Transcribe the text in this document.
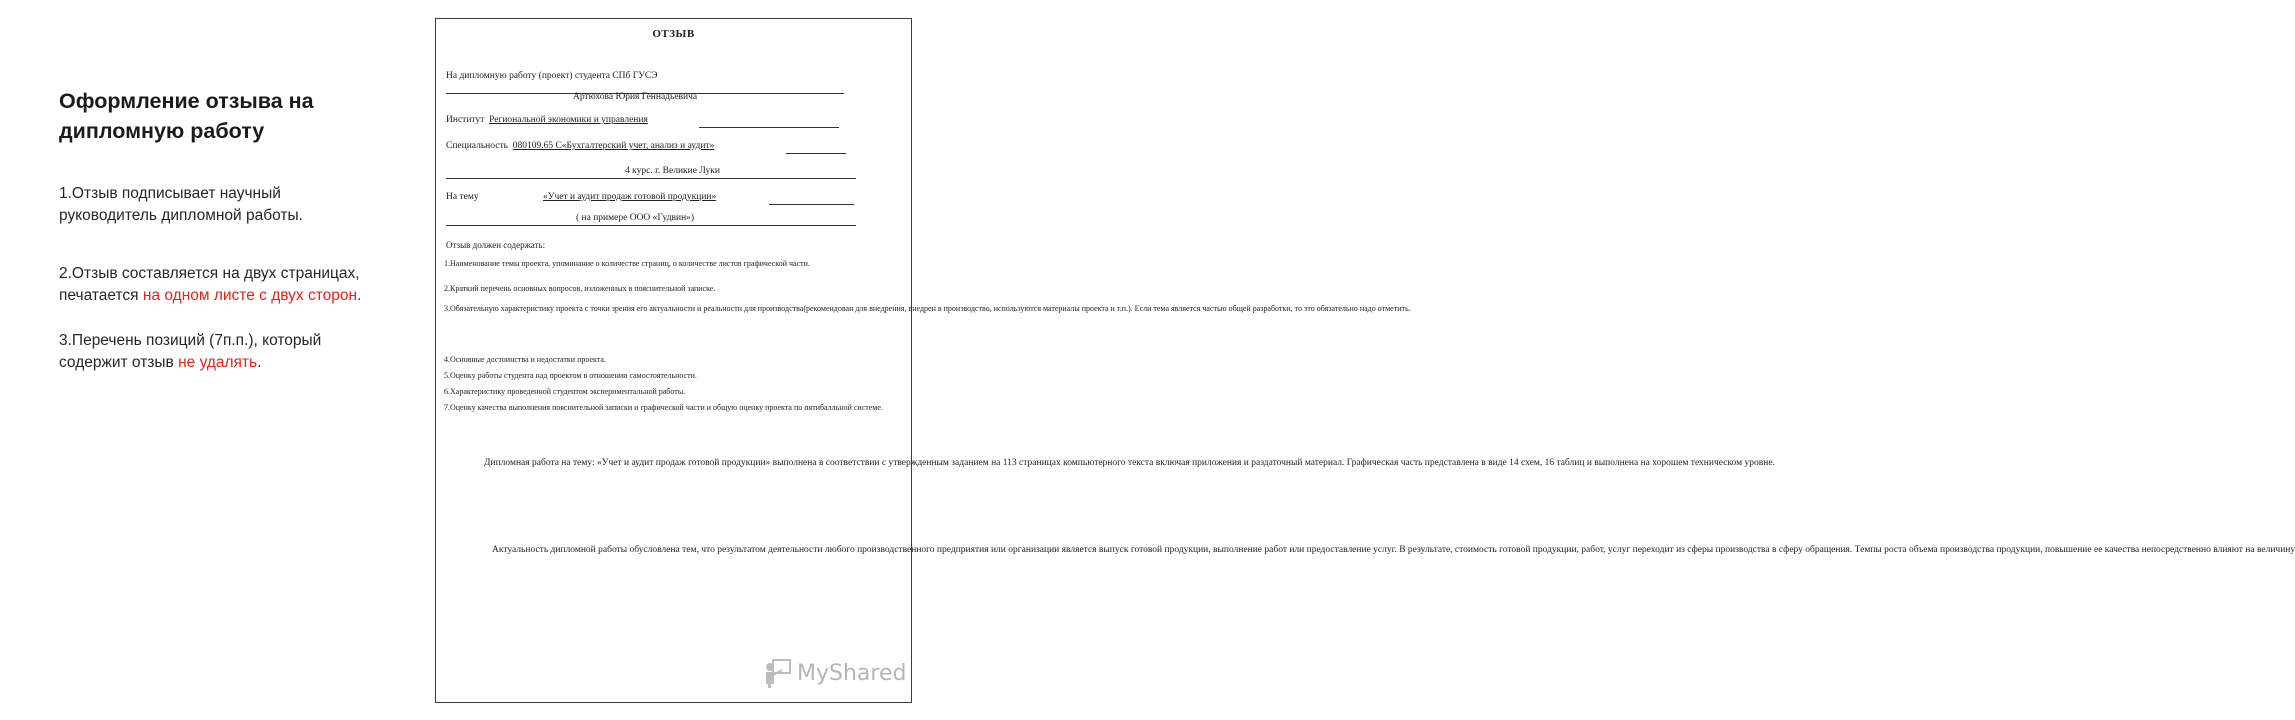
Оформление отзыва на дипломную работу

1.Отзыв подписывает научный руководитель дипломной работы.

2.Отзыв составляется на двух страницах, печатается на одном листе с двух сторон.

3.Перечень позиций (7п.п.), который содержит отзыв не удалять.

ОТЗЫВ
На дипломную работу (проект) студента СПб ГУСЭ
Артюхова Юрия Геннадьевича
Институт Региональной экономики и управления
Специальность 080109.65 С«Бухгалтерский учет, анализ и аудит»
4 курс. г. Великие Луки
На тему	«Учет и аудит продаж готовой продукции»
( на примере ООО «Гудвин»)
Отзыв должен содержать:
1.Наименование темы проекта, упоминание о количестве страниц, о количестве листов графической части.
2.Краткий перечень основных вопросов, изложенных в пояснительной записке.
3.Обязательную характеристику проекта с точки зрения его актуальности и реальности для производства(рекомендован для внедрения, внедрен в производство, используются материалы проекта и т.п.). Если тема является частью общей разработки, то это обязательно надо отметить.
4.Основные достоинства и недостатки проекта.
5.Оценку работы студента над проектом в отношении самостоятельности.
6.Характеристику проведенной студентом экспериментальной работы.
7.Оценку качества выполнения пояснительной записки и графической части и общую оценку проекта по пятибалльной системе.
Дипломная работа на тему: «Учет и аудит продаж готовой продукции» выполнена в соответствии с утвержденным заданием на 113 страницах компьютерного текста включая приложения и раздаточный материал. Графическая часть представлена в виде 14 схем, 16 таблиц и выполнена на хорошем техническом уровне.
Актуальность дипломной работы обусловлена тем, что результатом деятельности любого производственного предприятия или организации является выпуск готовой продукции, выполнение работ или предоставление услуг. В результате, стоимость готовой продукции, работ, услуг переходит из сферы производства в сферу обращения. Темпы роста объема производства продукции, повышение ее качества непосредственно влияют на величину
MyShared
